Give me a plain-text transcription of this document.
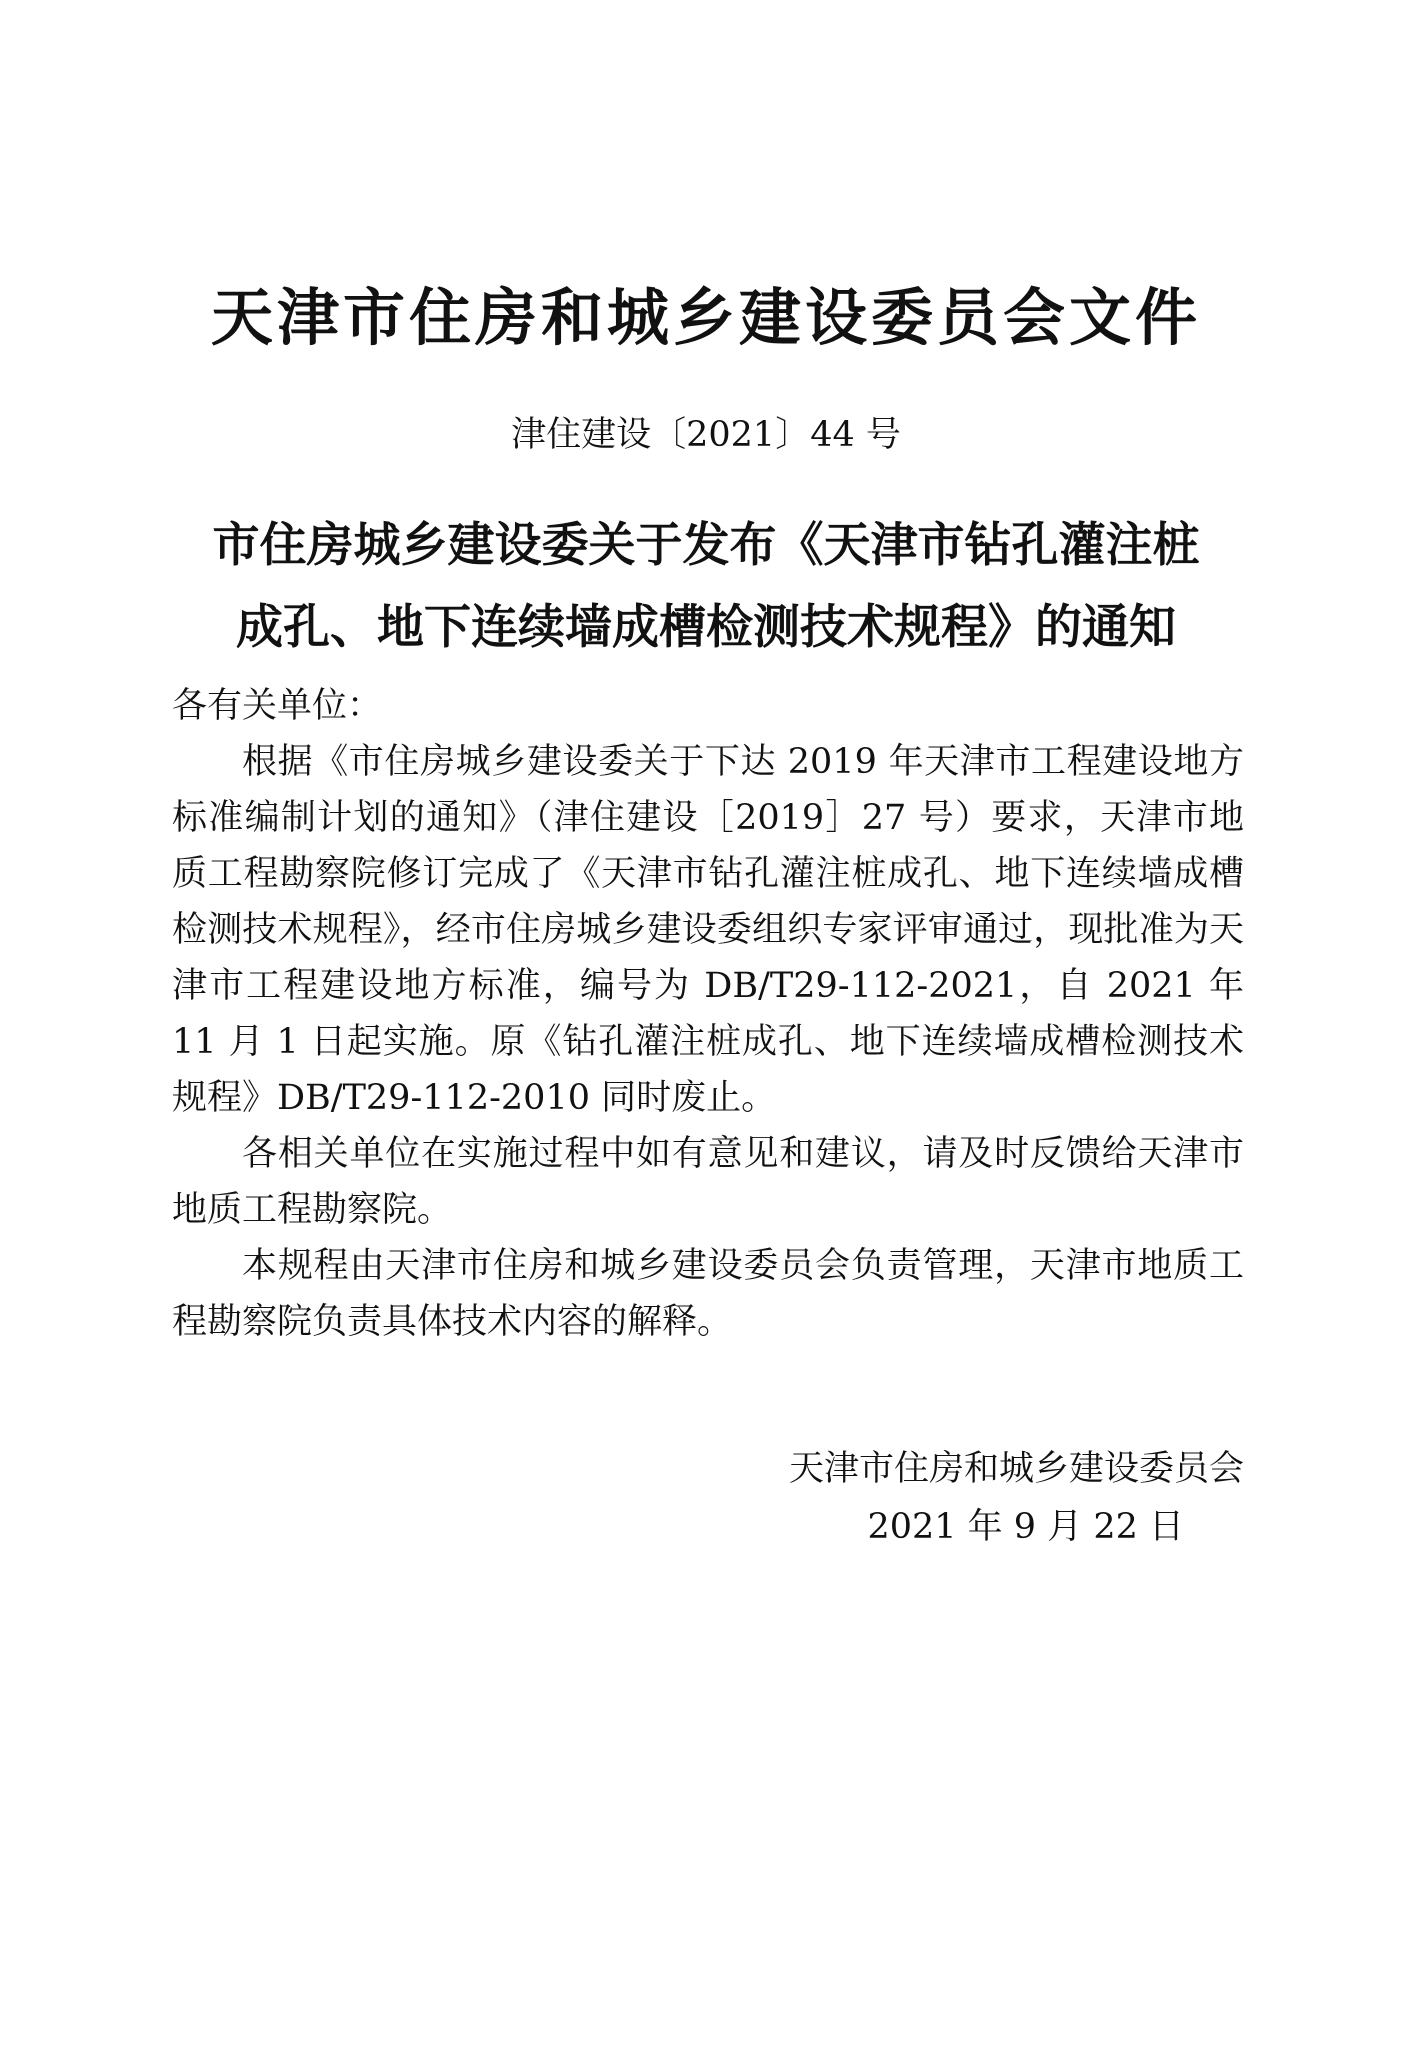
天津市住房和城乡建设委员会文件
津住建设〔2021〕44 号
市住房城乡建设委关于发布《天津市钻孔灌注桩
成孔、地下连续墙成槽检测技术规程》的通知

各有关单位：

根据《市住房城乡建设委关于下达 2019 年天津市工程建设地方标准编制计划的通知》（津住建设［2019］27 号）要求，天津市地质工程勘察院修订完成了《天津市钻孔灌注桩成孔、地下连续墙成槽检测技术规程》，经市住房城乡建设委组织专家评审通过，现批准为天津市工程建设地方标准，编号为 DB/T29-112-2021，自 2021 年 11 月 1 日起实施。原《钻孔灌注桩成孔、地下连续墙成槽检测技术规程》DB/T29-112-2010 同时废止。

各相关单位在实施过程中如有意见和建议，请及时反馈给天津市地质工程勘察院。

本规程由天津市住房和城乡建设委员会负责管理，天津市地质工程勘察院负责具体技术内容的解释。

天津市住房和城乡建设委员会
2021 年 9 月 22 日
